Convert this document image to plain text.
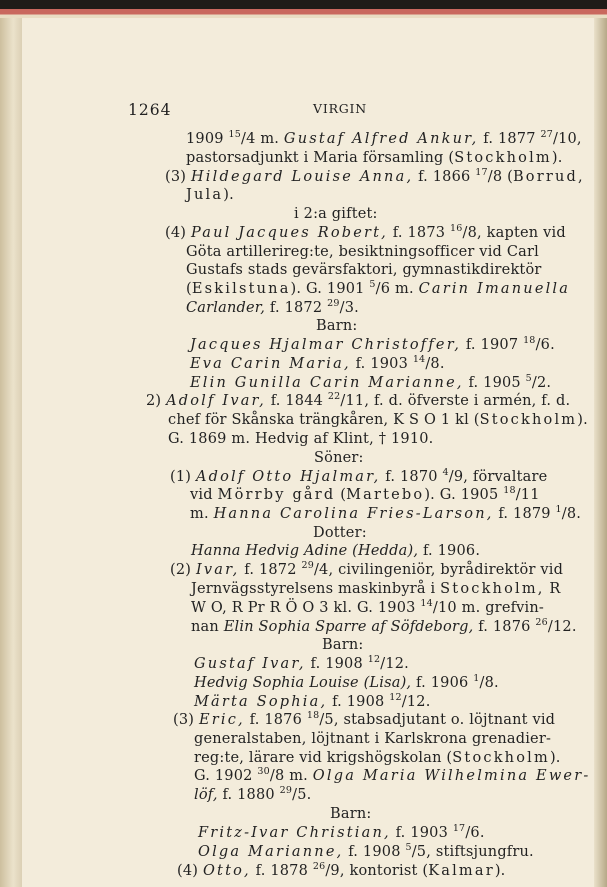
1264	VIRGIN
1909 $^{15}$/4 m. Gustaf Alfred Ankur, f. 1877 $^{27}$/10,
pastorsadjunkt i Maria församling (Stockholm).
(3) Hildegard Louise Anna, f. 1866 $^{17}$/8 (Borrud,
Jula).
i 2:a giftet:
(4) Paul Jacques Robert, f. 1873 $^{16}$/8, kapten vid
Göta artillerireg:te, besiktningsofficer vid Carl
Gustafs stads gevärsfaktori, gymnastikdirektör
(Eskilstuna). G. 1901 $^5$/6 m. Carin Imanuella
Carlander, f. 1872 $^{29}$/3.
Barn:
Jacques Hjalmar Christoffer, f. 1907 $^{18}$/6.
Eva Carin Maria, f. 1903 $^{14}$/8.
Elin Gunilla Carin Marianne, f. 1905 $^5$/2.
2) Adolf Ivar, f. 1844 $^{22}$/11, f. d. öfverste i armén, f. d.
chef för Skånska trängkåren, K S O 1 kl (Stockholm).
G. 1869 m. Hedvig af Klint, † 1910.
Söner:
(1) Adolf Otto Hjalmar, f. 1870 $^4$/9, förvaltare
vid Mörrby gård (Martebo). G. 1905 $^{18}$/11
m. Hanna Carolina Fries-Larson, f. 1879 $^1$/8.
Dotter:
Hanna Hedvig Adine (Hedda), f. 1906.
(2) Ivar, f. 1872 $^{29}$/4, civilingeniör, byrådirektör vid
Jernvägsstyrelsens maskinbyrå i Stockholm, R
W O, R Pr R Ö O 3 kl. G. 1903 $^{14}$/10 m. grefvin-
nan Elin Sophia Sparre af Söfdeborg, f. 1876 $^{26}$/12.
Barn:
Gustaf Ivar, f. 1908 $^{12}$/12.
Hedvig Sophia Louise (Lisa), f. 1906 $^1$/8.
Märta Sophia, f. 1908 $^{12}$/12.
(3) Eric, f. 1876 $^{18}$/5, stabsadjutant o. löjtnant vid
generalstaben, löjtnant i Karlskrona grenadier-
reg:te, lärare vid krigshögskolan (Stockholm).
G. 1902 $^{30}$/8 m. Olga Maria Wilhelmina Ewer-
löf, f. 1880 $^{29}$/5.
Barn:
Fritz-Ivar Christian, f. 1903 $^{17}$/6.
Olga Marianne, f. 1908 $^5$/5, stiftsjungfru.
(4) Otto, f. 1878 $^{26}$/9, kontorist (Kalmar).
